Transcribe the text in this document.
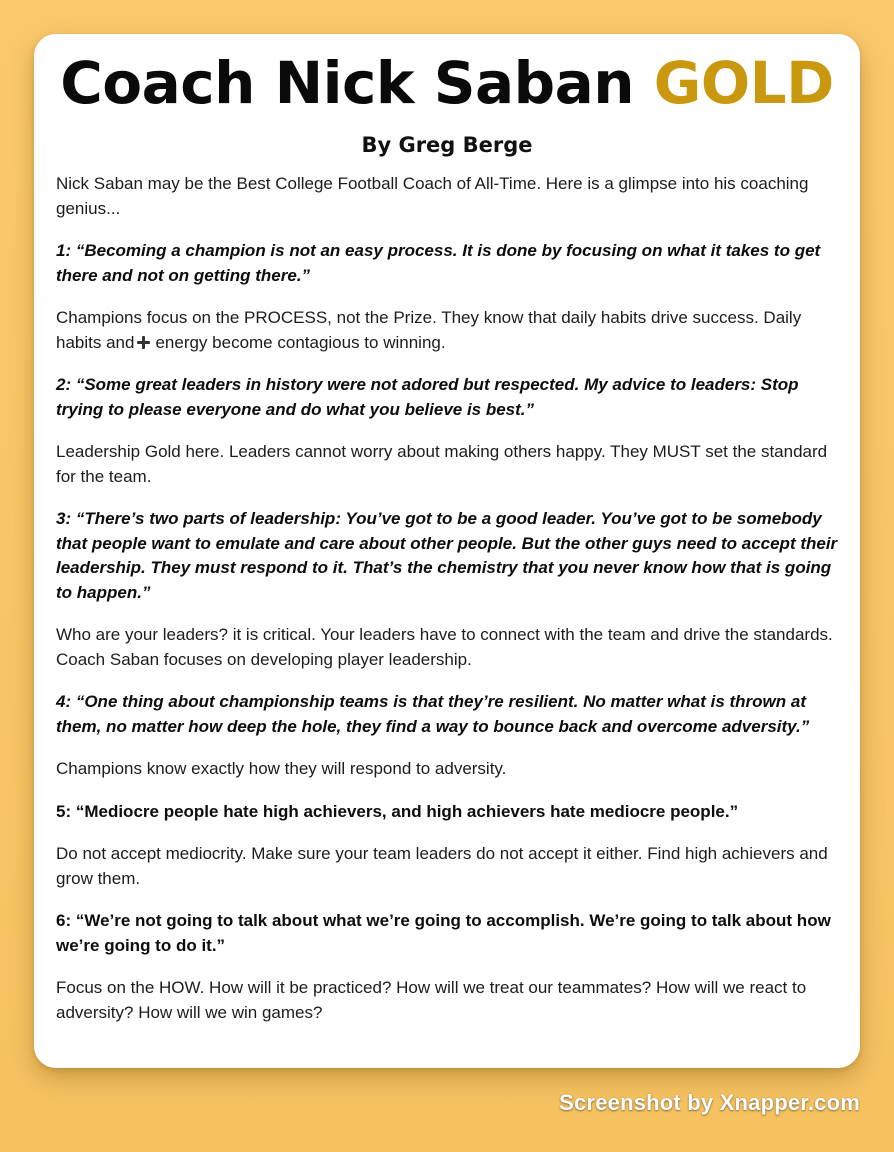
Coach Nick Saban GOLD
By Greg Berge

Nick Saban may be the Best College Football Coach of All-Time. Here is a glimpse into his coaching genius...

1: “Becoming a champion is not an easy process. It is done by focusing on what it takes to get there and not on getting there.”

Champions focus on the PROCESS, not the Prize. They know that daily habits drive success. Daily habits and energy become contagious to winning.

2: “Some great leaders in history were not adored but respected. My advice to leaders: Stop trying to please everyone and do what you believe is best.”

Leadership Gold here. Leaders cannot worry about making others happy. They MUST set the standard for the team.

3: “There’s two parts of leadership: You’ve got to be a good leader. You’ve got to be somebody that people want to emulate and care about other people. But the other guys need to accept their leadership. They must respond to it. That’s the chemistry that you never know how that is going to happen.”

Who are your leaders? it is critical. Your leaders have to connect with the team and drive the standards. Coach Saban focuses on developing player leadership.

4: “One thing about championship teams is that they’re resilient. No matter what is thrown at them, no matter how deep the hole, they find a way to bounce back and overcome adversity.”

Champions know exactly how they will respond to adversity.

5: “Mediocre people hate high achievers, and high achievers hate mediocre people.”

Do not accept mediocrity. Make sure your team leaders do not accept it either. Find high achievers and grow them.

6: “We’re not going to talk about what we’re going to accomplish. We’re going to talk about how we’re going to do it.”

Focus on the HOW. How will it be practiced? How will we treat our teammates? How will we react to adversity? How will we win games?

Screenshot by Xnapper.com
